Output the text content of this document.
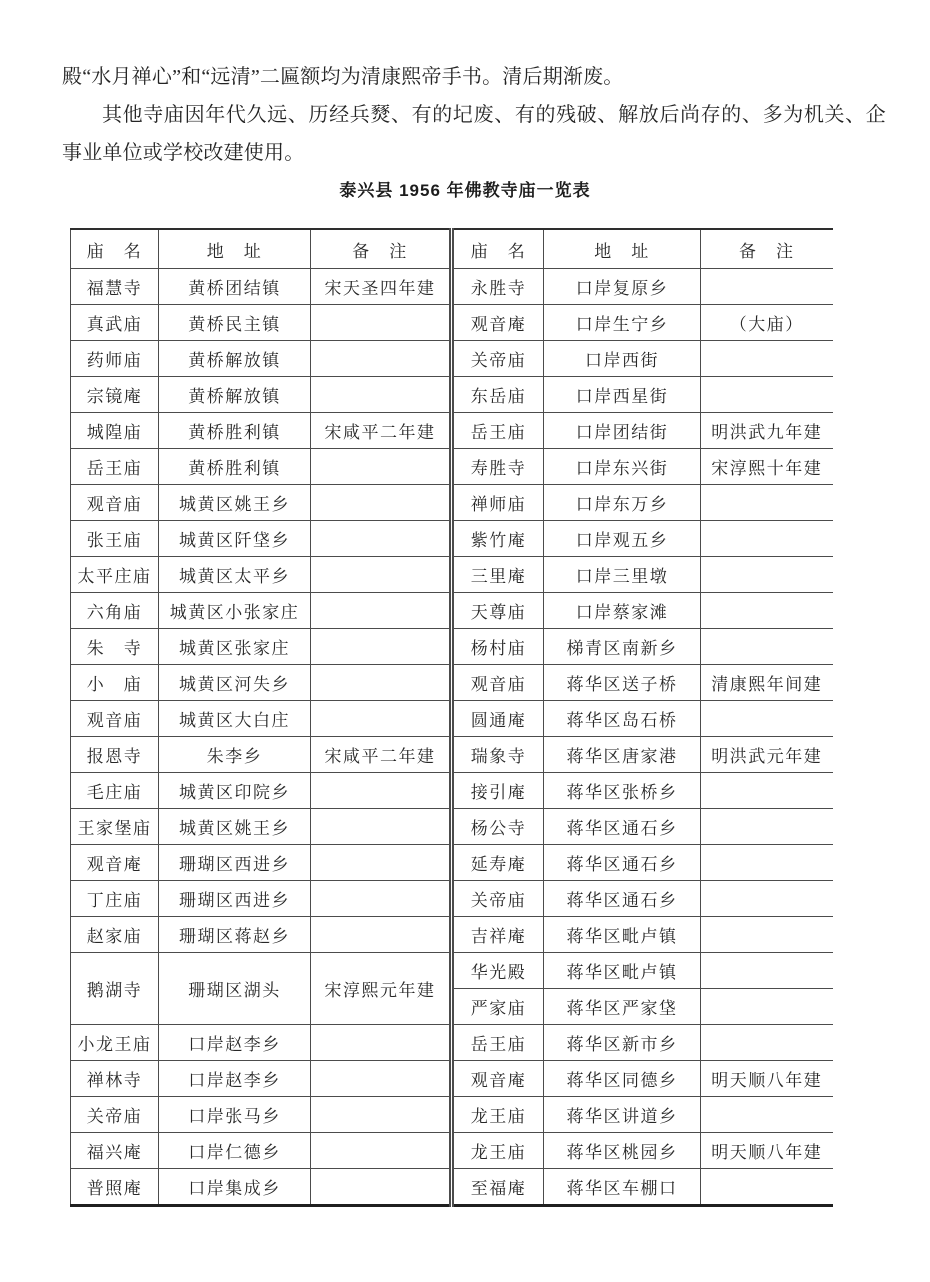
殿“水月禅心”和“远清”二匾额均为清康熙帝手书。清后期渐废。

其他寺庙因年代久远、历经兵燹、有的圮废、有的残破、解放后尚存的、多为机关、企事业单位或学校改建使用。

泰兴县 1956 年佛教寺庙一览表
庙　名	地　址	备　注	庙　名	地　址	备　注
福慧寺	黄桥团结镇	宋天圣四年建	永胜寺	口岸复原乡	
真武庙	黄桥民主镇		观音庵	口岸生宁乡	（大庙）
药师庙	黄桥解放镇		关帝庙	口岸西街	
宗镜庵	黄桥解放镇		东岳庙	口岸西星街	
城隍庙	黄桥胜利镇	宋咸平二年建	岳王庙	口岸团结街	明洪武九年建
岳王庙	黄桥胜利镇		寿胜寺	口岸东兴街	宋淳熙十年建
观音庙	城黄区姚王乡		禅师庙	口岸东万乡	
张王庙	城黄区阡垡乡		紫竹庵	口岸观五乡	
太平庄庙	城黄区太平乡		三里庵	口岸三里墩	
六角庙	城黄区小张家庄		天尊庙	口岸蔡家滩	
朱　寺	城黄区张家庄		杨村庙	梯青区南新乡	
小　庙	城黄区河失乡		观音庙	蒋华区送子桥	清康熙年间建
观音庙	城黄区大白庄		圆通庵	蒋华区岛石桥	
报恩寺	朱李乡	宋咸平二年建	瑞象寺	蒋华区唐家港	明洪武元年建
毛庄庙	城黄区印院乡		接引庵	蒋华区张桥乡	
王家堡庙	城黄区姚王乡		杨公寺	蒋华区通石乡	
观音庵	珊瑚区西进乡		延寿庵	蒋华区通石乡	
丁庄庙	珊瑚区西进乡		关帝庙	蒋华区通石乡	
赵家庙	珊瑚区蒋赵乡		吉祥庵	蒋华区毗卢镇	
鹅湖寺	珊瑚区湖头	宋淳熙元年建	华光殿	蒋华区毗卢镇	
			严家庙	蒋华区严家垡	
小龙王庙	口岸赵李乡		岳王庙	蒋华区新市乡	
禅林寺	口岸赵李乡		观音庵	蒋华区同德乡	明天顺八年建
关帝庙	口岸张马乡		龙王庙	蒋华区讲道乡	
福兴庵	口岸仁德乡		龙王庙	蒋华区桃园乡	明天顺八年建
普照庵	口岸集成乡		至福庵	蒋华区车棚口	
